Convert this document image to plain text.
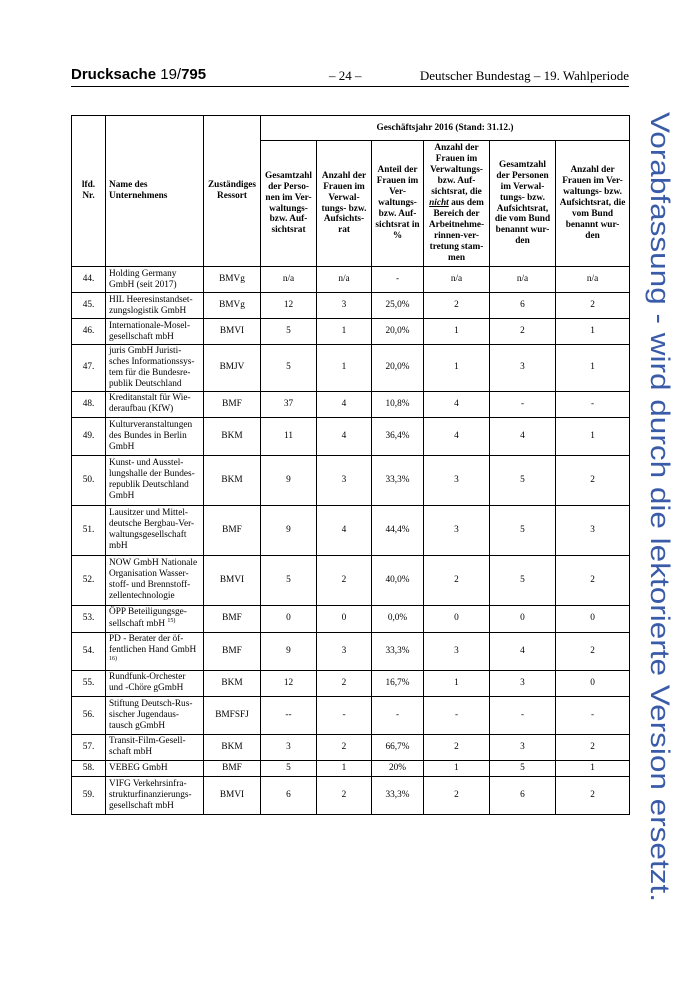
Drucksache 19/795	– 24 –	Deutscher Bundestag – 19. Wahlperiode
lfd. Nr.	Name des Unternehmens	Zuständiges Ressort	Geschäftsjahr 2016 (Stand: 31.12.)					
			Gesamtzahl der Perso-nen im Ver-waltungs- bzw. Auf-sichtsrat	Anzahl der Frauen im Verwal-tungs- bzw. Aufsichts-rat	Anteil der Frauen im Ver-waltungs- bzw. Auf-sichtsrat in %	Anzahl der Frauen im Verwaltungs- bzw. Auf-sichtsrat, die nicht aus dem Bereich der Arbeitnehme-rinnen-ver-tretung stam-men	Gesamtzahl der Personen im Verwal-tungs- bzw. Aufsichtsrat, die vom Bund benannt wur-den	Anzahl der Frauen im Ver-waltungs- bzw. Aufsichtsrat, die vom Bund benannt wur-den
44.	Holding Germany GmbH (seit 2017)	BMVg	n/a	n/a	-	n/a	n/a	n/a
45.	HIL Heeresinstandset-zungslogistik GmbH	BMVg	12	3	25,0%	2	6	2
46.	Internationale-Mosel-gesellschaft mbH	BMVI	5	1	20,0%	1	2	1
47.	juris GmbH Juristi-sches Informationssys-tem für die Bundesre-publik Deutschland	BMJV	5	1	20,0%	1	3	1
48.	Kreditanstalt für Wie-deraufbau (KfW)	BMF	37	4	10,8%	4	-	-
49.	Kulturveranstaltungen des Bundes in Berlin GmbH	BKM	11	4	36,4%	4	4	1
50.	Kunst- und Ausstel-lungshalle der Bundes-republik Deutschland GmbH	BKM	9	3	33,3%	3	5	2
51.	Lausitzer und Mittel-deutsche Bergbau-Ver-waltungsgesellschaft mbH	BMF	9	4	44,4%	3	5	3
52.	NOW GmbH Nationale Organisation Wasser-stoff- und Brennstoff-zellentechnologie	BMVI	5	2	40,0%	2	5	2
53.	ÖPP Beteiligungsge-sellschaft mbH $^{15)}$	BMF	0	0	0,0%	0	0	0
54.	PD - Berater der öf-fentlichen Hand GmbH $^{16)}$	BMF	9	3	33,3%	3	4	2
55.	Rundfunk-Orchester und -Chöre gGmbH	BKM	12	2	16,7%	1	3	0
56.	Stiftung Deutsch-Rus-sischer Jugendaus-tausch gGmbH	BMFSFJ	--	-	-	-	-	-
57.	Transit-Film-Gesell-schaft mbH	BKM	3	2	66,7%	2	3	2
58.	VEBEG GmbH	BMF	5	1	20%	1	5	1
59.	VIFG Verkehrsinfra-strukturfinanzierungs-gesellschaft mbH	BMVI	6	2	33,3%	2	6	2
Vorabfassung - wird durch die lektorierte Version ersetzt.
